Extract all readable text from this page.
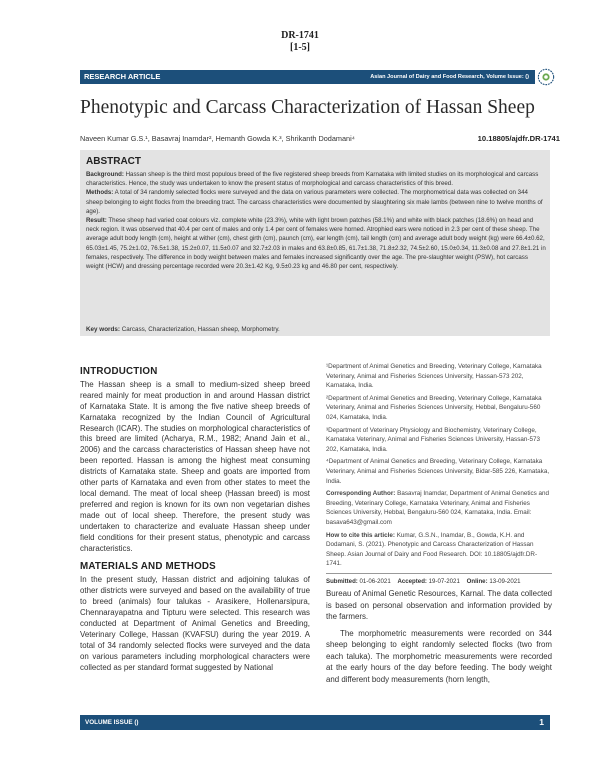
DR-1741
[1-5]
RESEARCH ARTICLE	Asian Journal of Dairy and Food Research, Volume Issue: ()
Phenotypic and Carcass Characterization of Hassan Sheep
Naveen Kumar G.S.¹, Basavraj Inamdar², Hemanth Gowda K.³, Shrikanth Dodamani⁴	10.18805/ajdfr.DR-1741
ABSTRACT

Background: Hassan sheep is the third most populous breed of the five registered sheep breeds from Karnataka with limited studies on its morphological and carcass characteristics. Hence, the study was undertaken to know the present status of morphological and carcass characteristics of this breed.

Methods: A total of 34 randomly selected flocks were surveyed and the data on various parameters were collected. The morphometrical data was collected on 344 sheep belonging to eight flocks from the breeding tract. The carcass characteristics were documented by slaughtering six male lambs (between nine to twelve months of age).

Result: These sheep had varied coat colours viz. complete white (23.3%), white with light brown patches (58.1%) and white with black patches (18.6%) on head and neck region. It was observed that 40.4 per cent of males and only 1.4 per cent of females were horned. Atrophied ears were noticed in 2.3 per cent of these sheep. The average adult body length (cm), height at wither (cm), chest girth (cm), paunch (cm), ear length (cm), tail length (cm) and average adult body weight (kg) were 66.4±0.62, 65.03±1.45, 75.2±1.02, 76.5±1.38, 15.2±0.07, 11.5±0.07 and 32.7±2.03 in males and 63.8±0.85, 61.7±1.38, 71.8±2.32, 74.5±2.60, 15.0±0.34, 11.3±0.08 and 27.8±1.21 in females, respectively. The difference in body weight between males and females increased significantly over the age. The pre-slaughter weight (PSW), hot carcass weight (HCW) and dressing percentage recorded were 20.3±1.42 Kg, 9.5±0.23 kg and 46.80 per cent, respectively.

Key words: Carcass, Characterization, Hassan sheep, Morphometry.
INTRODUCTION

The Hassan sheep is a small to medium-sized sheep breed reared mainly for meat production in and around Hassan district of Karnataka State. It is among the five native sheep breeds of Karnataka recognized by the Indian Council of Agricultural Research (ICAR). The studies on morphological characteristics of this breed are limited (Acharya, R.M., 1982; Anand Jain et al., 2006) and the carcass characteristics of Hassan sheep have not been reported. Hassan is among the highest meat consuming districts of Karnataka state. Sheep and goats are imported from other parts of Karnataka and even from other states to meet the local demand. The meat of local sheep (Hassan breed) is most preferred and region is known for its own non vegetarian dishes made out of local sheep. Therefore, the present study was undertaken to characterize and evaluate Hassan sheep under field conditions for their present status, phenotypic and carcass characteristics.

MATERIALS AND METHODS

In the present study, Hassan district and adjoining talukas of other districts were surveyed and based on the availability of true to breed (animals) four talukas - Arasikere, Hollenarsipura, Chennarayapatna and Tipturu were selected. This research was conducted at Department of Animal Genetics and Breeding, Veterinary College, Hassan (KVAFSU) during the year 2019. A total of 34 randomly selected flocks were surveyed and the data on various parameters including morphological characters were collected as per standard format suggested by National

¹Department of Animal Genetics and Breeding, Veterinary College, Karnataka Veterinary, Animal and Fisheries Sciences University, Hassan-573 202, Karnataka, India.

²Department of Animal Genetics and Breeding, Veterinary College, Karnataka Veterinary, Animal and Fisheries Sciences University, Hebbal, Bengaluru-560 024, Karnataka, India.

³Department of Veterinary Physiology and Biochemistry, Veterinary College, Karnataka Veterinary, Animal and Fisheries Sciences University, Hassan-573 202, Karnataka, India.

⁴Department of Animal Genetics and Breeding, Veterinary College, Karnataka Veterinary, Animal and Fisheries Sciences University, Bidar-585 226, Karnataka, India.

Corresponding Author: Basavraj Inamdar, Department of Animal Genetics and Breeding, Veterinary College, Karnataka Veterinary, Animal and Fisheries Sciences University, Hebbal, Bengaluru-560 024, Karnataka, India. Email: basava643@gmail.com

How to cite this article: Kumar, G.S.N., Inamdar, B., Gowda, K.H. and Dodamani, S. (2021). Phenotypic and Carcass Characterization of Hassan Sheep. Asian Journal of Dairy and Food Research. DOI: 10.18805/ajdfr.DR-1741.

Submitted: 01-06-2021 Accepted: 19-07-2021 Online: 13-09-2021

Bureau of Animal Genetic Resources, Karnal. The data collected is based on personal observation and information provided by the farmers.

The morphometric measurements were recorded on 344 sheep belonging to eight randomly selected flocks (two from each taluka). The morphometric measurements were recorded at the early hours of the day before feeding. The body weight and different body measurements (horn length,

VOLUME ISSUE ()	1
